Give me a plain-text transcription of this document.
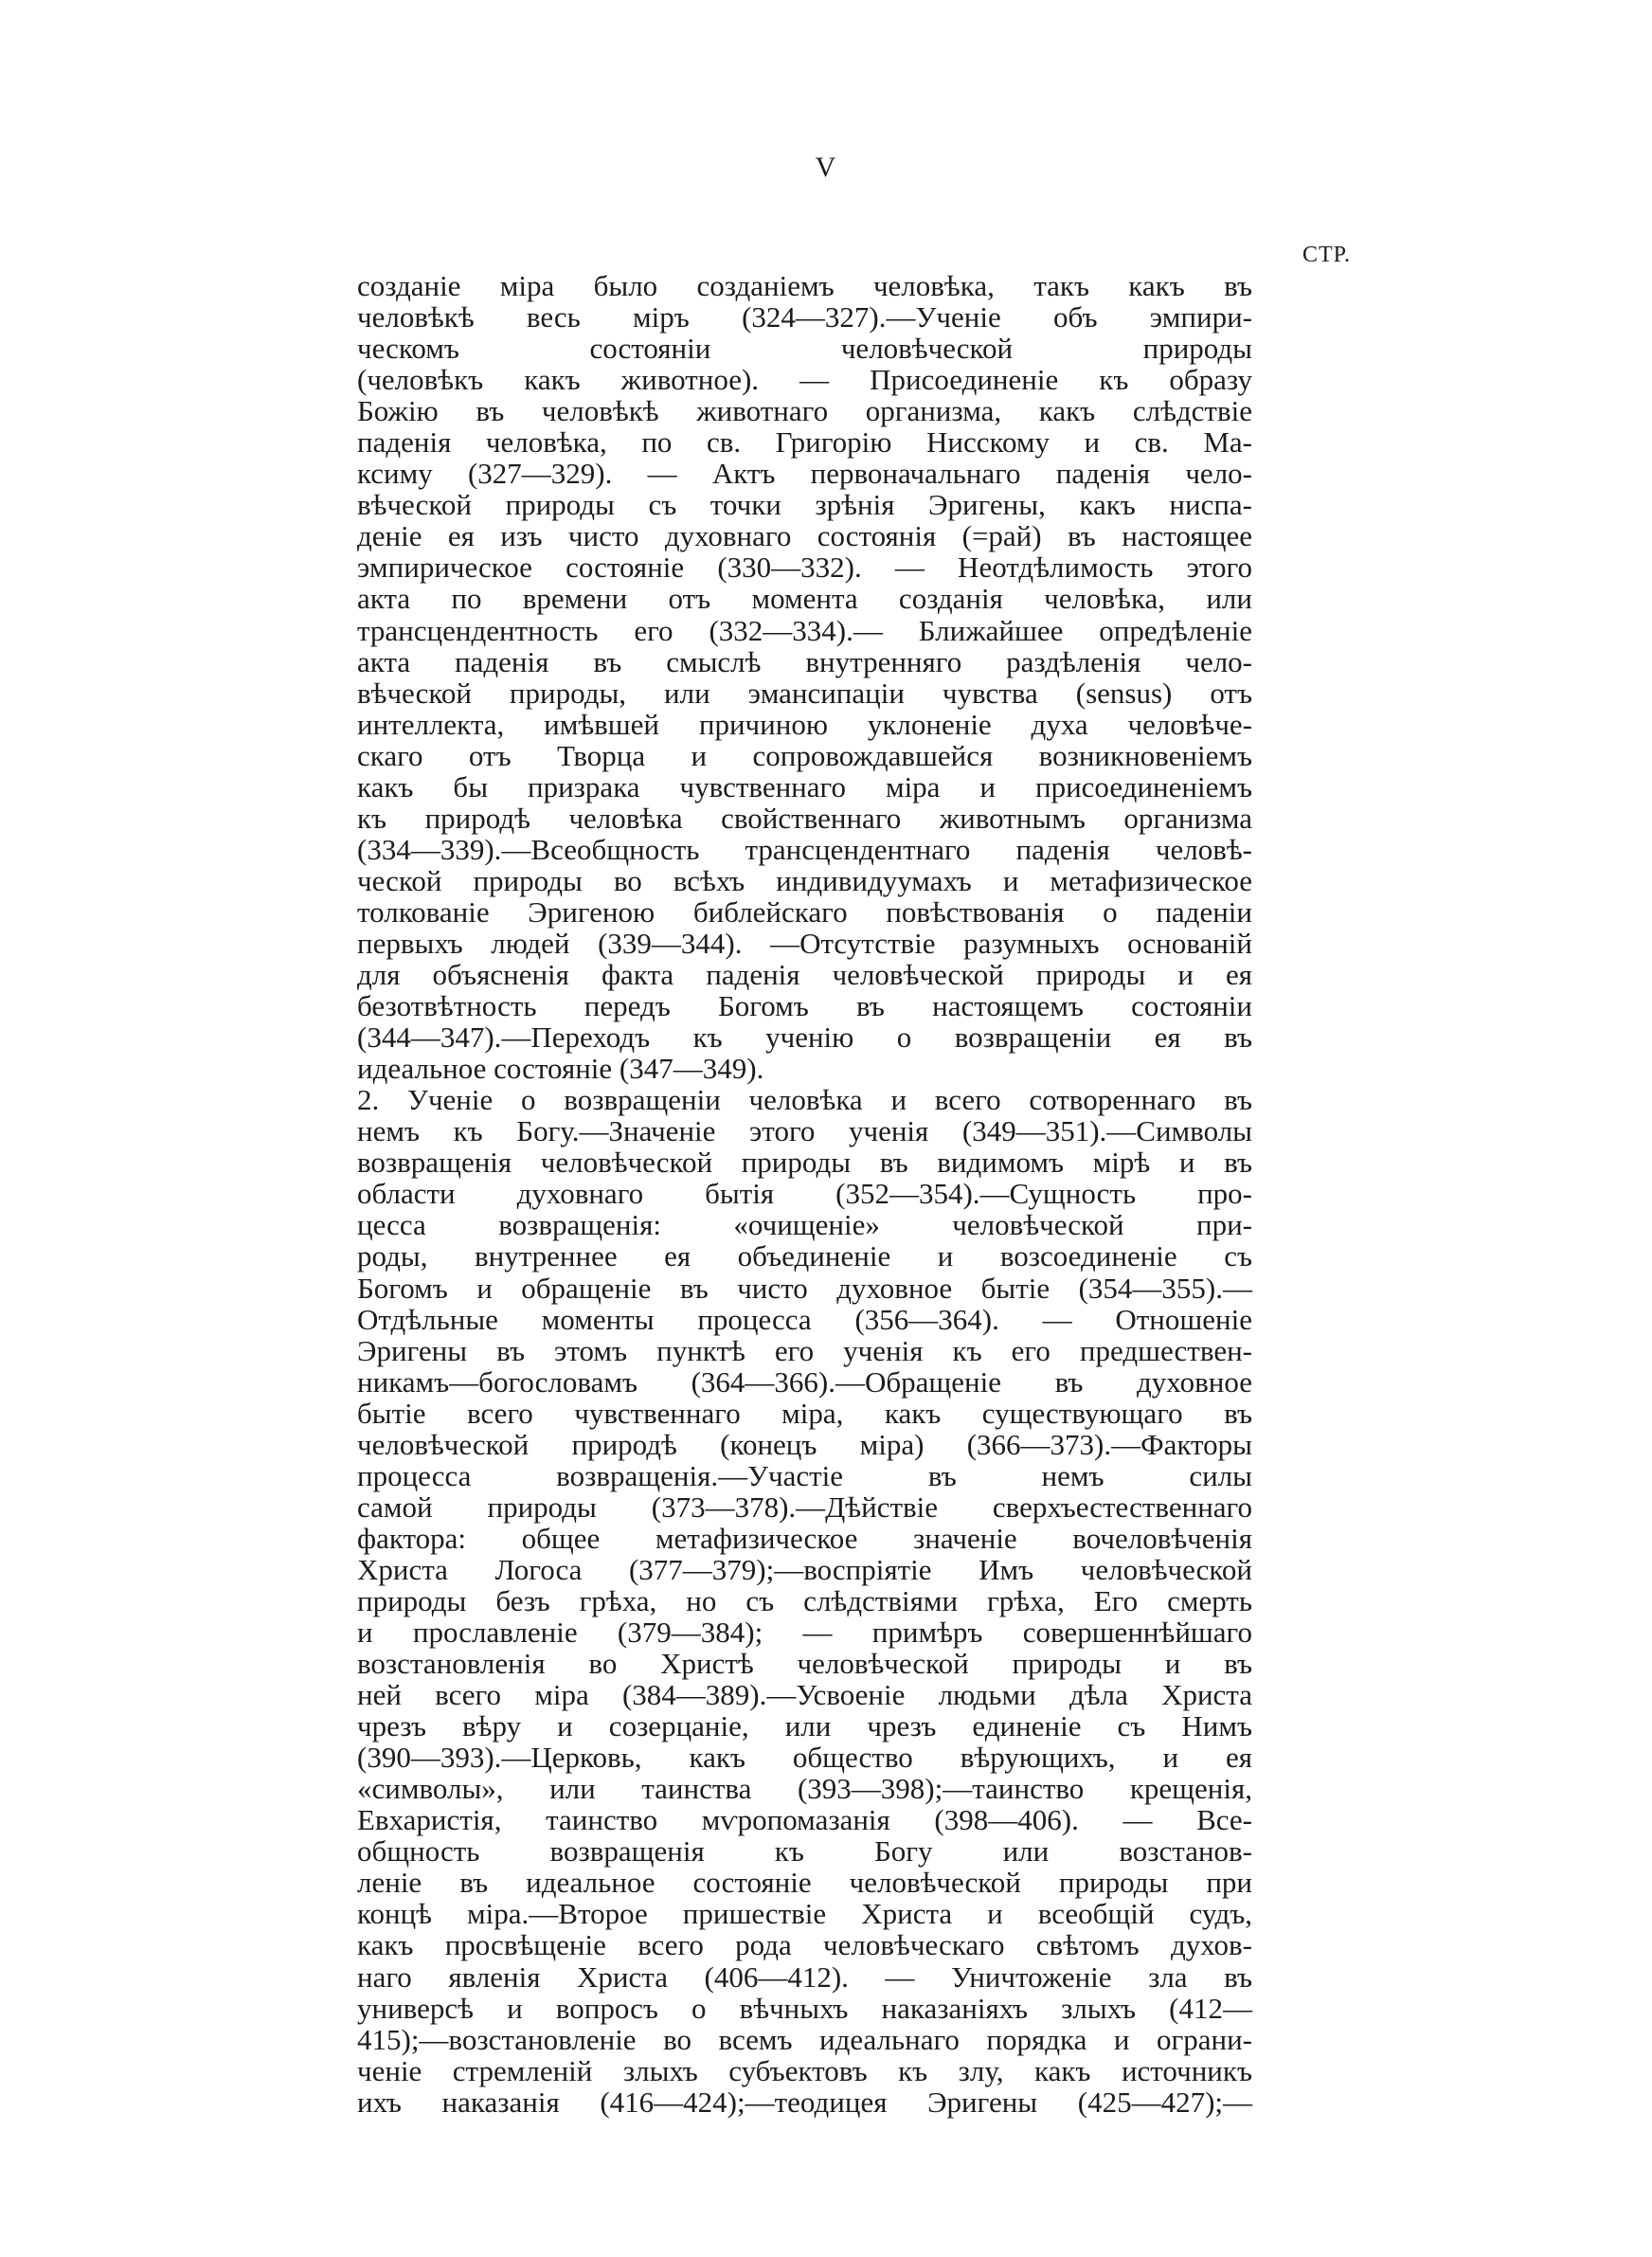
V
СТР.
созданіе міра было созданіемъ человѣка, такъ какъ въ
человѣкѣ весь міръ (324—327).—Ученіе объ эмпири-
ческомъ состояніи человѣческой природы
(человѣкъ какъ животное). — Присоединеніе къ образу
Божію въ человѣкѣ животнаго организма, какъ слѣдствіе
паденія человѣка, по св. Григорію Нисскому и св. Ма-
ксиму (327—329). — Актъ первоначальнаго паденія чело-
вѣческой природы съ точки зрѣнія Эригены, какъ ниспа-
деніе ея изъ чисто духовнаго состоянія (=рай) въ настоящее
эмпирическое состояніе (330—332). — Неотдѣлимость этого
акта по времени отъ момента созданія человѣка, или
трансцендентность его (332—334).— Ближайшее опредѣленіе
акта паденія въ смыслѣ внутренняго раздѣленія чело-
вѣческой природы, или эмансипаціи чувства (sensus) отъ
интеллекта, имѣвшей причиною уклоненіе духа человѣче-
скаго отъ Творца и сопровождавшейся возникновеніемъ
какъ бы призрака чувственнаго міра и присоединеніемъ
къ природѣ человѣка свойственнаго животнымъ организма
(334—339).—Всеобщность трансцендентнаго паденія человѣ-
ческой природы во всѣхъ индивидуумахъ и метафизическое
толкованіе Эригеною библейскаго повѣствованія о паденіи
первыхъ людей (339—344). —Отсутствіе разумныхъ основаній
для объясненія факта паденія человѣческой природы и ея
безотвѣтность передъ Богомъ въ настоящемъ состояніи
(344—347).—Переходъ къ ученію о возвращеніи ея въ
идеальное состояніе (347—349).
2. Ученіе о возвращеніи человѣка и всего сотвореннаго въ
немъ къ Богу.—Значеніе этого ученія (349—351).—Символы
возвращенія человѣческой природы въ видимомъ мірѣ и въ
области духовнаго бытія (352—354).—Сущность про-
цесса возвращенія: «очищеніе» человѣческой при-
роды, внутреннее ея объединеніе и возсоединеніе съ
Богомъ и обращеніе въ чисто духовное бытіе (354—355).—
Отдѣльные моменты процесса (356—364). — Отношеніе
Эригены въ этомъ пунктѣ его ученія къ его предшествен-
никамъ—богословамъ (364—366).—Обращеніе въ духовное
бытіе всего чувственнаго міра, какъ существующаго въ
человѣческой природѣ (конецъ міра) (366—373).—Факторы
процесса возвращенія.—Участіе въ немъ силы
самой природы (373—378).—Дѣйствіе сверхъестественнаго
фактора: общее метафизическое значеніе вочеловѣченія
Христа Логоса (377—379);—воспріятіе Имъ человѣческой
природы безъ грѣха, но съ слѣдствіями грѣха, Его смерть
и прославленіе (379—384); — примѣръ совершеннѣйшаго
возстановленія во Христѣ человѣческой природы и въ
ней всего міра (384—389).—Усвоеніе людьми дѣла Христа
чрезъ вѣру и созерцаніе, или чрезъ единеніе съ Нимъ
(390—393).—Церковь, какъ общество вѣрующихъ, и ея
«символы», или таинства (393—398);—таинство крещенія,
Евхаристія, таинство мѵропомазанія (398—406). — Все-
общность возвращенія къ Богу или возстанов-
леніе въ идеальное состояніе человѣческой природы при
концѣ міра.—Второе пришествіе Христа и всеобщій судъ,
какъ просвѣщеніе всего рода человѣческаго свѣтомъ духов-
наго явленія Христа (406—412). — Уничтоженіе зла въ
универсѣ и вопросъ о вѣчныхъ наказаніяхъ злыхъ (412—
415);—возстановленіе во всемъ идеальнаго порядка и ограни-
ченіе стремленій злыхъ субъектовъ къ злу, какъ источникъ
ихъ наказанія (416—424);—теодицея Эригены (425—427);—
